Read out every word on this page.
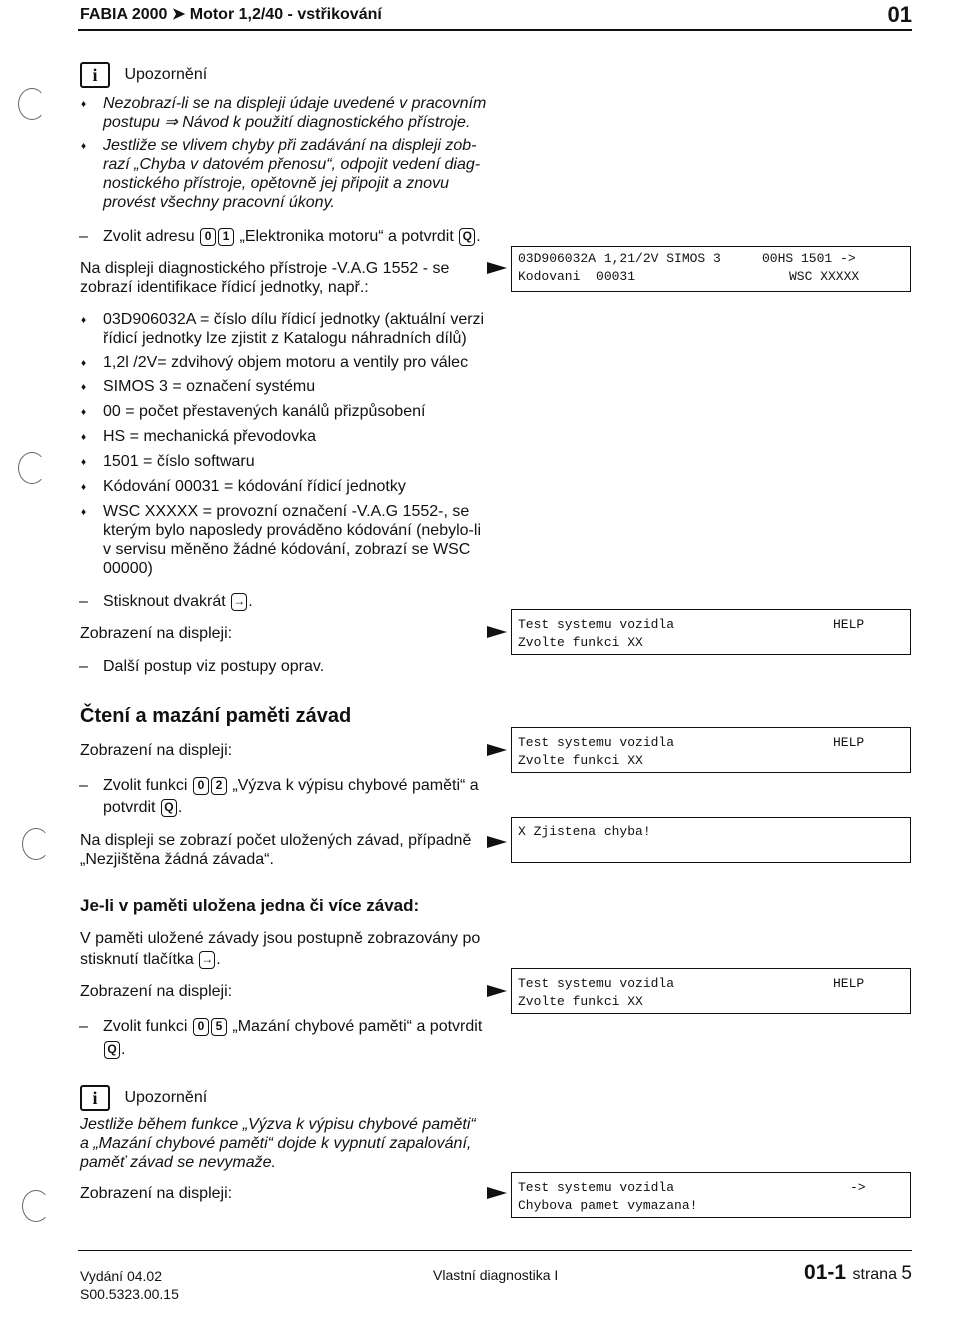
FABIA 2000 ➤ Motor 1,2/40 - vstřikování	01
i Upozornění
♦ Nezobrazí-li se na displeji údaje uvedené v pracovním
postupu ⇒ Návod k použití diagnostického přístroje.
♦ Jestliže se vlivem chyby při zadávání na displeji zob-
razí „Chyba v datovém přenosu“, odpojit vedení diag-
nostického přístroje, opětovně jej připojit a znovu
provést všechny pracovní úkony.
– Zvolit adresu 0 1 „Elektronika motoru“ a potvrdit Q .
Na displeji diagnostického přístroje -V.A.G 1552 - se
zobrazí identifikace řídicí jednotky, např.:

03D906032A 1,21/2V SIMOS 3

	00HS 1501 ->

Kodovani  00031

	WSC XXXXX

♦ 03D906032A = číslo dílu řídicí jednotky (aktuální verzi
řídicí jednotky lze zjistit z Katalogu náhradních dílů)
♦ 1,2l /2V= zdvihový objem motoru a ventily pro válec
♦ SIMOS 3 = označení systému
♦ 00 = počet přestavených kanálů přizpůsobení
♦ HS = mechanická převodovka
♦ 1501 = číslo softwaru
♦ Kódování 00031 = kódování řídicí jednotky
♦ WSC XXXXX = provozní označení -V.A.G 1552-, se
kterým bylo naposledy prováděno kódování (nebylo-li
v servisu měněno žádné kódování, zobrazí se WSC
00000)
– Stisknout dvakrát → .
Zobrazení na displeji:

Test systemu vozidla

	HELP

Zvolte funkci XX

– Další postup viz postupy oprav.
Čtení a mazání paměti závad
Zobrazení na displeji:

	Test systemu vozidla

	HELP

Zvolte funkci XX

– Zvolit funkci 0 2 „Výzva k výpisu chybové paměti“ a
potvrdit Q .
Na displeji se zobrazí počet uložených závad, případně
„Nezjištěna žádná závada“.

X Zjistena chyba!

Je-li v paměti uložena jedna či více závad:
V paměti uložené závady jsou postupně zobrazovány po
stisknutí tlačítka → .
Zobrazení na displeji:

	Test systemu vozidla

	HELP

Zvolte funkci XX

– Zvolit funkci 0 5 „Mazání chybové paměti“ a potvrdit
Q .
i Upozornění
Jestliže během funkce „Výzva k výpisu chybové paměti“
a „Mazání chybové paměti“ dojde k vypnutí zapalování,
paměť závad se nevymaže.
Zobrazení na displeji:

	Test systemu vozidla

	->

Chybova pamet vymazana!

Vydání 04.02
S00.5323.00.15
Vlastní diagnostika I	01-1 strana 5
